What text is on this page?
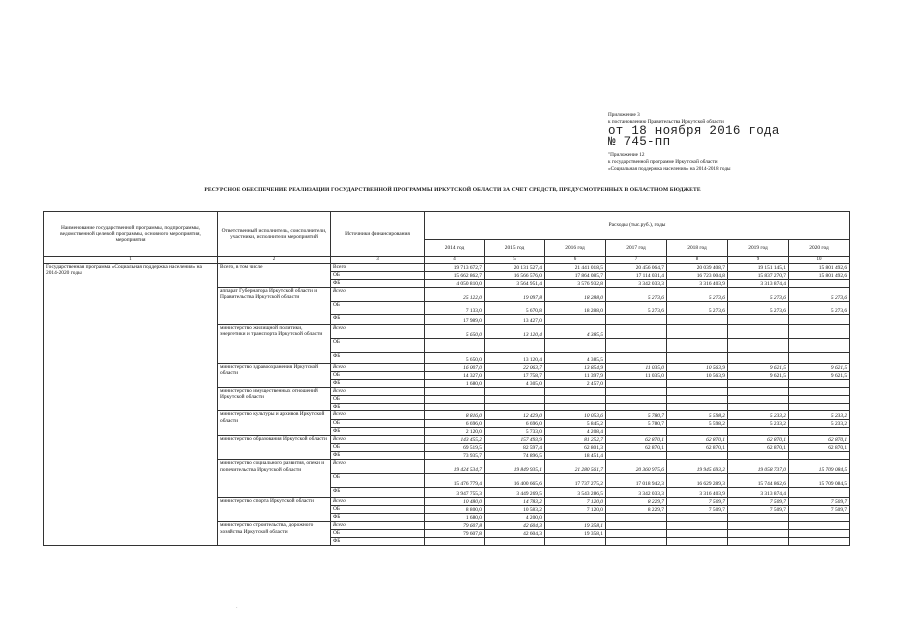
Приложение 3
к постановлению Правительства Иркутской области
от 18 ноября 2016 года
№ 745-пп
"Приложение 12
к государственной программе Иркутской области
«Социальная поддержка населения» на 2014-2018 годы
РЕСУРСНОЕ ОБЕСПЕЧЕНИЕ РЕАЛИЗАЦИИ ГОСУДАРСТВЕННОЙ ПРОГРАММЫ ИРКУТСКОЙ ОБЛАСТИ ЗА СЧЕТ СРЕДСТВ, ПРЕДУСМОТРЕННЫХ В ОБЛАСТНОМ БЮДЖЕТЕ
Наименование государственной программы, подпрограммы, ведомственной целевой программы, основного мероприятия, мероприятия	Ответственный исполнитель, соисполнители, участники, исполнители мероприятий	Источники финансирования	Расходы (тыс.руб.), годы						
			2014 год	2015 год	2016 год	2017 год	2018 год	2019 год	2020 год
1	2	3	4	5	6	7	8	9	10
Государственная программа «Социальная поддержка населения» на 2014-2020 годы	Всего, в том числе	Всего	19 713 672,7	20 131 527,4	21 441 018,5	20 456 064,7	20 039 408,7	19 151 145,1	15 801 492,6
		ОБ	15 662 862,7	16 566 576,0	17 864 085,7	17 114 031,4	16 723 004,8	15 837 270,7	15 801 492,6
		ФБ	4 050 810,0	3 564 951,4	3 576 932,8	3 342 033,3	3 316 403,9	3 313 874,4	
	аппарат Губернатора Иркутской области и Правительства Иркутской области	Всего	25 122,0	19 097,8	18 288,0	5 273,6	5 273,6	5 273,6	5 273,6
		ОБ	7 133,0	5 670,8	18 288,0	5 273,6	5 273,6	5 273,6	5 273,6
		ФБ	17 989,0	13 427,0					
	министерство жилищной политики, энергетики и транспорта Иркутской области	Всего	5 650,0	13 120,4	4 385,5				
		ОБ							
		ФБ	5 650,0	13 120,4	4 385,5				
	министерство здравоохранения Иркутской области	Всего	16 007,0	22 063,7	13 854,9	11 035,0	10 563,9	9 621,5	9 621,5
		ОБ	14 327,0	17 758,7	11 397,9	11 035,0	10 563,9	9 621,5	9 621,5
		ФБ	1 680,0	4 305,0	2 457,0				
	министерство имущественных отношений Иркутской области	Всего							
		ОБ							
		ФБ							
	министерство культуры и архивов Иркутской области	Всего	8 816,0	12 429,0	10 053,6	5 780,7	5 598,2	5 233,2	5 233,2
		ОБ	6 696,0	6 696,0	5 845,2	5 780,7	5 598,2	5 233,2	5 233,2
		ФБ	2 120,0	5 733,0	4 208,4				
	министерство образования Иркутской области	Всего	143 455,2	157 493,9	81 252,7	62 870,1	62 870,1	62 870,1	62 870,1
		ОБ	69 519,5	82 597,4	62 801,3	62 870,1	62 870,1	62 870,1	62 870,1
		ФБ	73 935,7	74 896,5	18 451,4				
	министерство социального развития, опеки и попечительства Иркутской области	Всего	19 424 534,7	19 849 935,1	21 280 561,7	20 360 975,6	19 945 693,2	19 058 737,0	15 709 084,5
		ОБ	15 476 779,4	16 400 665,6	17 737 275,2	17 018 942,3	16 629 289,3	15 744 862,6	15 709 084,5
		ФБ	3 947 755,3	3 449 269,5	3 543 286,5	3 342 033,3	3 316 403,9	3 313 874,4	
	министерство спорта Иркутской области	Всего	10 480,0	14 783,2	7 120,0	8 229,7	7 509,7	7 509,7	7 509,7
		ОБ	8 800,0	10 583,2	7 120,0	8 229,7	7 509,7	7 509,7	7 509,7
		ФБ	1 680,0	4 200,0					
	министерство строительства, дорожного хозяйства Иркутской области	Всего	79 607,8	42 604,3	19 358,1				
		ОБ	79 607,8	42 604,3	19 358,1				
		ФБ							
·
